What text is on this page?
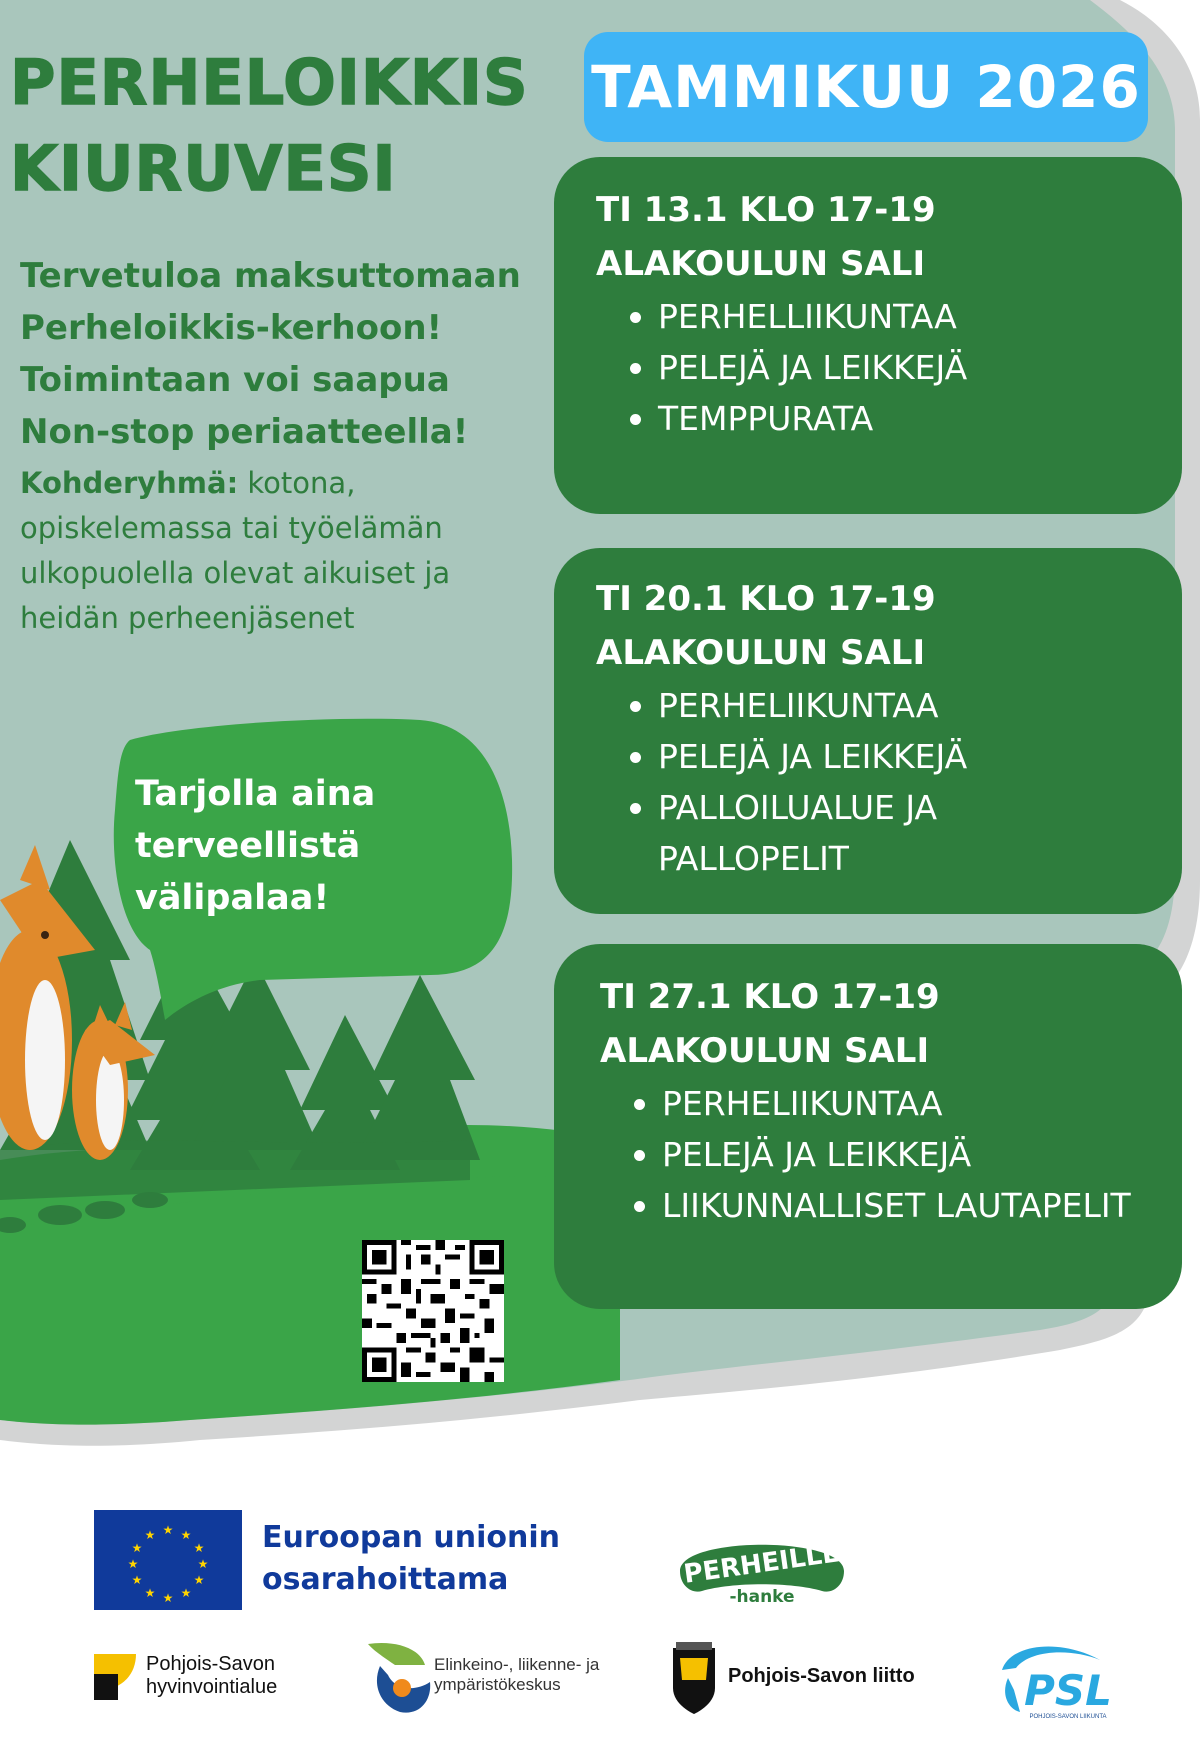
PERHELOIKKIS
KIURUVESI
TAMMIKUU 2026
Tervetuloa maksuttomaan
Perheloikkis-kerhoon!
Toimintaan voi saapua
Non-stop periaatteella!
Kohderyhmä: kotona, opiskelemassa tai työelämän ulkopuolella olevat aikuiset ja heidän perheenjäsenet

TI 13.1 KLO 17-19

ALAKOULUN SALI

PERHELLIIKUNTAA
PELEJÄ JA LEIKKEJÄ
TEMPPURATA

TI 20.1 KLO 17-19

ALAKOULUN SALI

PERHELIIKUNTAA
PELEJÄ JA LEIKKEJÄ
PALLOILUALUE JA PALLOPELIT

TI 27.1 KLO 17-19

ALAKOULUN SALI

PERHELIIKUNTAA
PELEJÄ JA LEIKKEJÄ
LIIKUNNALLISET LAUTAPELIT
Tarjolla aina
terveellistä
välipalaa!
★ ★
★
★
★
★
★
★
★
★
★
★	Euroopan unionin
osarahoittama	PERHEILLE
-hanke
Pohjois-Savon
hyvinvointialue
Elinkeino-, liikenne- ja
ympäristökeskus	Pohjois-Savon liitto	PSL
POHJOIS-SAVON LIIKUNTA
